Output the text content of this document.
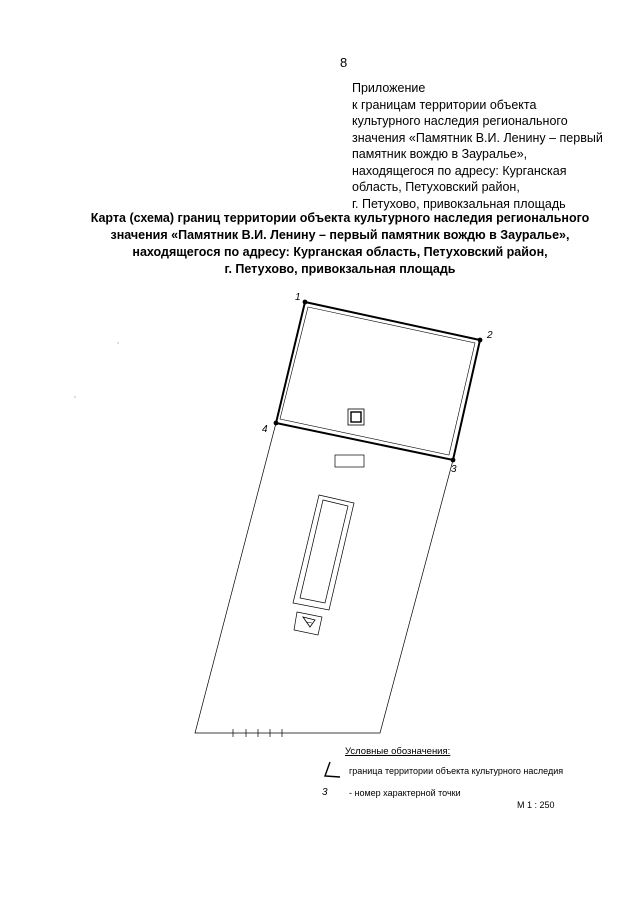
8
Приложение
к границам территории объекта
культурного наследия регионального
значения «Памятник В.И. Ленину – первый
памятник вождю в Зауралье»,
находящегося по адресу: Курганская
область, Петуховский район,
г. Петухово, привокзальная площадь
Карта (схема) границ территории объекта культурного наследия регионального
значения «Памятник В.И. Ленину – первый памятник вождю в Зауралье»,
находящегося по адресу: Курганская область, Петуховский район,
г. Петухово, привокзальная площадь
1
2
3
4
Условные обозначения:
граница территории объекта культурного наследия
3 - номер характерной точки
М 1 : 250
